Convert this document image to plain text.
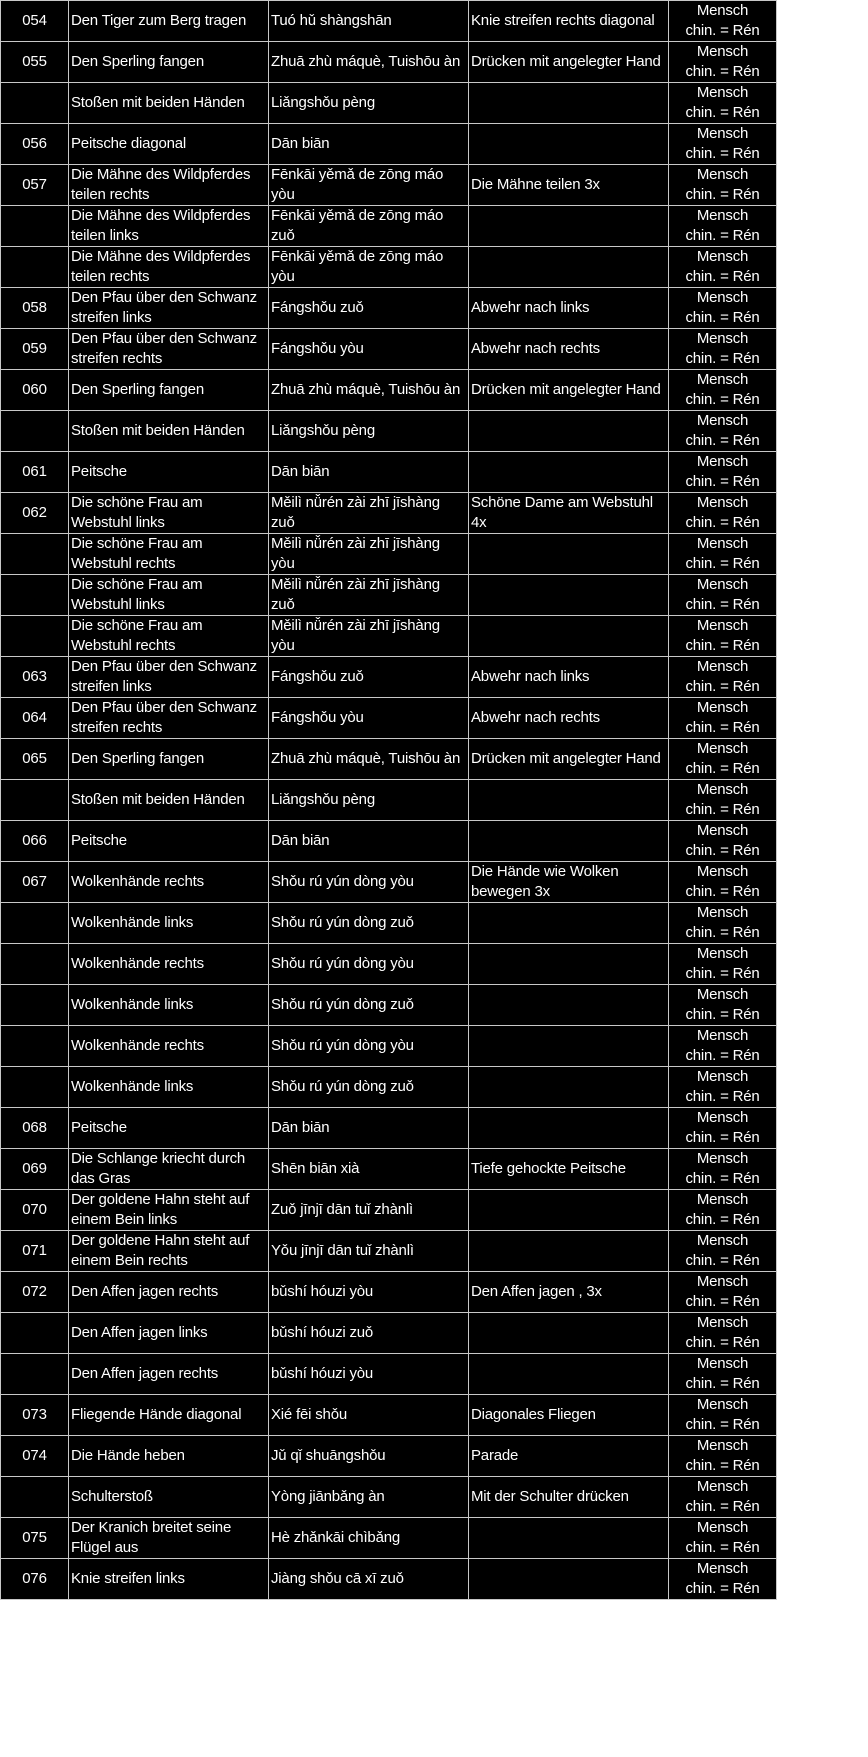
054	Den Tiger zum Berg tragen	Tuó hǔ shàngshān	Knie streifen rechts diagonal	Mensch
chin. = Rén

055	Den Sperling fangen	Zhuā zhù máquè, Tuishōu àn	Drücken mit angelegter Hand	Mensch
chin. = Rén

	Stoßen mit beiden Händen	Liǎngshǒu pèng		Mensch
chin. = Rén

056	Peitsche diagonal	Dān biān		Mensch
chin. = Rén

057	Die Mähne des Wildpferdes teilen rechts	Fēnkāi yěmǎ de zōng máo yòu	Die Mähne teilen 3x	Mensch
chin. = Rén

	Die Mähne des Wildpferdes teilen links	Fēnkāi yěmǎ de zōng máo zuǒ		Mensch
chin. = Rén

	Die Mähne des Wildpferdes teilen rechts	Fēnkāi yěmǎ de zōng máo yòu		Mensch
chin. = Rén

058	Den Pfau über den Schwanz streifen links	Fángshǒu zuǒ	Abwehr nach links	Mensch
chin. = Rén

059	Den Pfau über den Schwanz streifen rechts	Fángshǒu yòu	Abwehr nach rechts	Mensch
chin. = Rén

060	Den Sperling fangen	Zhuā zhù máquè, Tuishōu àn	Drücken mit angelegter Hand	Mensch
chin. = Rén

	Stoßen mit beiden Händen	Liǎngshǒu pèng		Mensch
chin. = Rén

061	Peitsche	Dān biān		Mensch
chin. = Rén

062	Die schöne Frau am Webstuhl links	Měilì nǚrén zài zhī jīshàng zuǒ	Schöne Dame am Webstuhl 4x	Mensch
chin. = Rén

	Die schöne Frau am Webstuhl rechts	Měilì nǚrén zài zhī jīshàng yòu		Mensch
chin. = Rén

	Die schöne Frau am Webstuhl links	Měilì nǚrén zài zhī jīshàng zuǒ		Mensch
chin. = Rén

	Die schöne Frau am Webstuhl rechts	Měilì nǚrén zài zhī jīshàng yòu		Mensch
chin. = Rén

063	Den Pfau über den Schwanz streifen links	Fángshǒu zuǒ	Abwehr nach links	Mensch
chin. = Rén

064	Den Pfau über den Schwanz streifen rechts	Fángshǒu yòu	Abwehr nach rechts	Mensch
chin. = Rén

065	Den Sperling fangen	Zhuā zhù máquè, Tuishōu àn	Drücken mit angelegter Hand	Mensch
chin. = Rén

	Stoßen mit beiden Händen	Liǎngshǒu pèng		Mensch
chin. = Rén

066	Peitsche	Dān biān		Mensch
chin. = Rén

067	Wolkenhände rechts	Shǒu rú yún dòng yòu	Die Hände wie Wolken bewegen 3x	Mensch
chin. = Rén

	Wolkenhände links	Shǒu rú yún dòng zuǒ		Mensch
chin. = Rén

	Wolkenhände rechts	Shǒu rú yún dòng yòu		Mensch
chin. = Rén

	Wolkenhände links	Shǒu rú yún dòng zuǒ		Mensch
chin. = Rén

	Wolkenhände rechts	Shǒu rú yún dòng yòu		Mensch
chin. = Rén

	Wolkenhände links	Shǒu rú yún dòng zuǒ		Mensch
chin. = Rén

068	Peitsche	Dān biān		Mensch
chin. = Rén

069	Die Schlange kriecht durch das Gras	Shēn biān xià	Tiefe gehockte Peitsche	Mensch
chin. = Rén

070	Der goldene Hahn steht auf einem Bein links	Zuǒ jīnjī dān tuǐ zhànlì		Mensch
chin. = Rén

071	Der goldene Hahn steht auf einem Bein rechts	Yǒu jīnjī dān tuǐ zhànlì		Mensch
chin. = Rén

072	Den Affen jagen rechts	bǔshí hóuzi yòu	Den Affen jagen , 3x	Mensch
chin. = Rén

	Den Affen jagen links	bǔshí hóuzi zuǒ		Mensch
chin. = Rén

	Den Affen jagen rechts	bǔshí hóuzi yòu		Mensch
chin. = Rén

073	Fliegende Hände diagonal	Xié fēi shǒu	Diagonales Fliegen	Mensch
chin. = Rén

074	Die Hände heben	Jǔ qǐ shuāngshǒu	Parade	Mensch
chin. = Rén

	Schulterstoß	Yòng jiānbǎng àn	Mit der Schulter drücken	Mensch
chin. = Rén

075	Der Kranich breitet seine Flügel aus	Hè zhǎnkāi chìbǎng		Mensch
chin. = Rén

076	Knie streifen links	Jiàng shǒu cā xī zuǒ		Mensch
chin. = Rén
